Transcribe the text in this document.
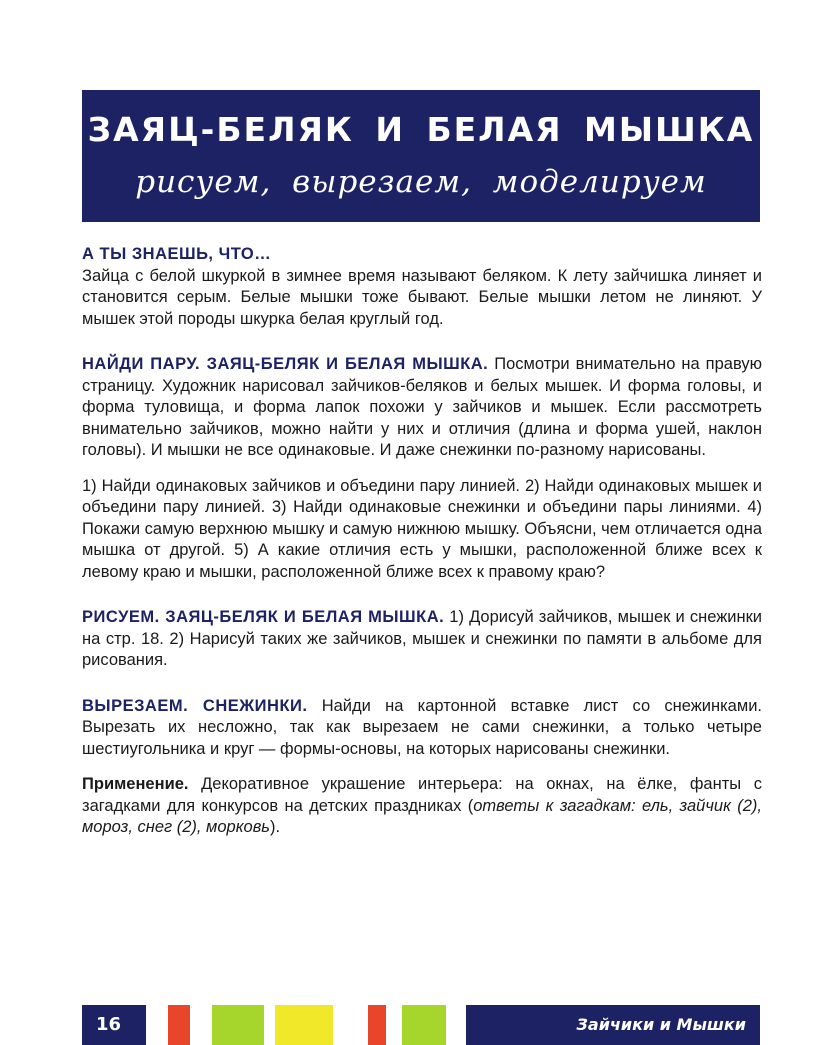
ЗАЯЦ-БЕЛЯК И БЕЛАЯ МЫШКА
рисуем, вырезаем, моделируем

А ТЫ ЗНАЕШЬ, ЧТО…

Зайца с белой шкуркой в зимнее время называют беляком. К лету зайчишка линяет и становится серым. Белые мышки тоже бывают. Белые мышки летом не линяют. У мышек этой породы шкурка белая круглый год.

НАЙДИ ПАРУ. ЗАЯЦ-БЕЛЯК И БЕЛАЯ МЫШКА. Посмотри внимательно на правую страницу. Художник нарисовал зайчиков-беляков и белых мышек. И форма головы, и форма туловища, и форма лапок похожи у зайчиков и мышек. Если рассмотреть внимательно зайчиков, можно найти у них и отличия (длина и форма ушей, наклон головы). И мышки не все одинаковые. И даже снежинки по-разному нарисованы.

1) Найди одинаковых зайчиков и объедини пару линией. 2) Найди одинаковых мышек и объедини пару линией. 3) Найди одинаковые снежинки и объедини пары линиями. 4) Покажи самую верхнюю мышку и самую нижнюю мышку. Объясни, чем отличается одна мышка от другой. 5) А какие отличия есть у мышки, расположенной ближе всех к левому краю и мышки, расположенной ближе всех к правому краю?

РИСУЕМ. ЗАЯЦ-БЕЛЯК И БЕЛАЯ МЫШКА. 1) Дорисуй зайчиков, мышек и снежинки на стр. 18. 2) Нарисуй таких же зайчиков, мышек и снежинки по памяти в альбоме для рисования.

ВЫРЕЗАЕМ. СНЕЖИНКИ. Найди на картонной вставке лист со снежинками. Вырезать их несложно, так как вырезаем не сами снежинки, а только четыре шестиугольника и круг — формы-основы, на которых нарисованы снежинки.

Применение. Декоративное украшение интерьера: на окнах, на ёлке, фанты с загадками для конкурсов на детских праздниках (ответы к загадкам: ель, зайчик (2), мороз, снег (2), морковь).

16	Зайчики и Мышки
